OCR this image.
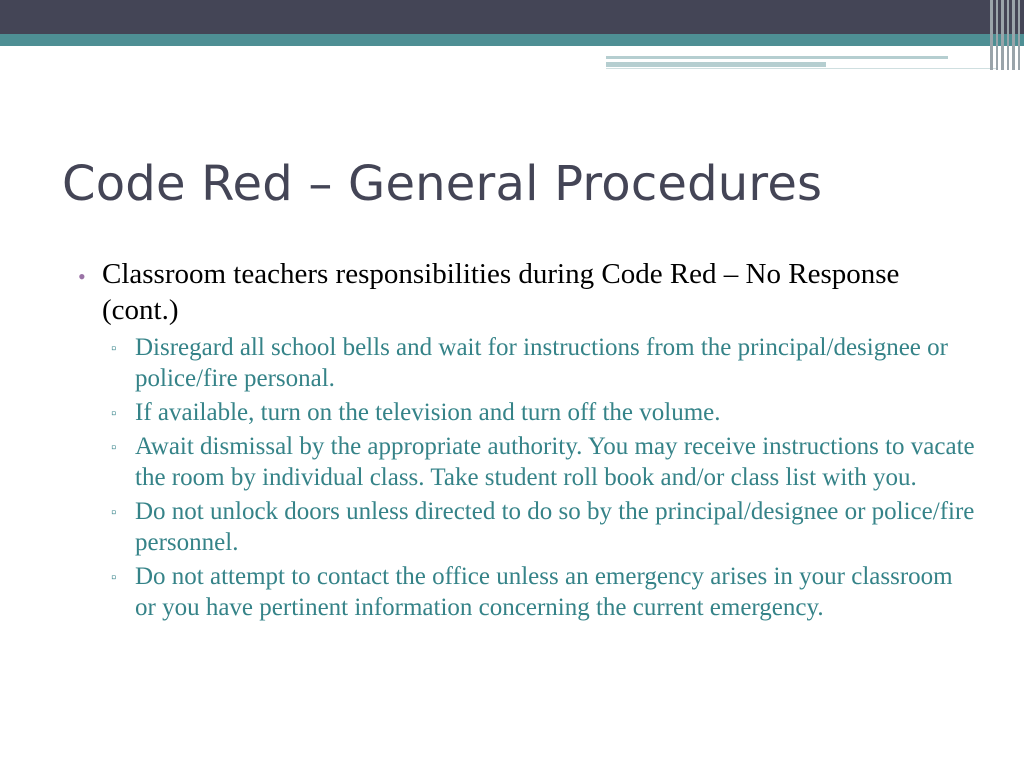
Code Red – General Procedures

• Classroom teachers responsibilities during Code Red – No Response (cont.)

▫ Disregard all school bells and wait for instructions from the principal/designee or police/fire personal.
▫ If available, turn on the television and turn off the volume.
▫ Await dismissal by the appropriate authority. You may receive instructions to vacate the room by individual class. Take student roll book and/or class list with you.
▫ Do not unlock doors unless directed to do so by the principal/designee or police/fire personnel.
▫ Do not attempt to contact the office unless an emergency arises in your classroom or you have pertinent information concerning the current emergency.
